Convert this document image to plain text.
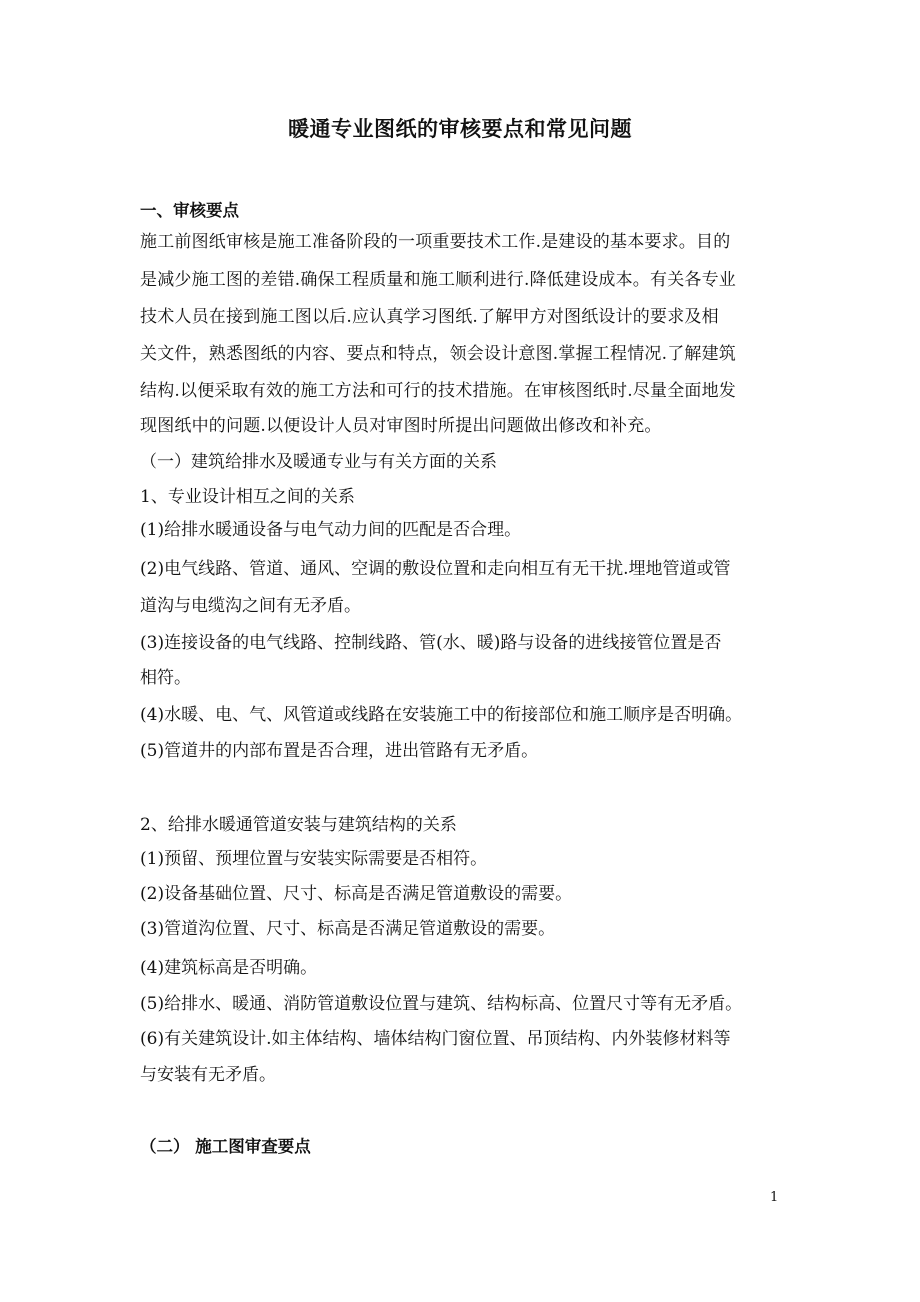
暖通专业图纸的审核要点和常见问题
一、审核要点
施工前图纸审核是施工准备阶段的一项重要技术工作.是建设的基本要求。目的
是减少施工图的差错.确保工程质量和施工顺利进行.降低建设成本。有关各专业
技术人员在接到施工图以后.应认真学习图纸.了解甲方对图纸设计的要求及相
关文件，熟悉图纸的内容、要点和特点，领会设计意图.掌握工程情况.了解建筑
结构.以便采取有效的施工方法和可行的技术措施。在审核图纸时.尽量全面地发
现图纸中的问题.以便设计人员对审图时所提出问题做出修改和补充。
（一）建筑给排水及暖通专业与有关方面的关系
1、专业设计相互之间的关系
(1)给排水暖通设备与电气动力间的匹配是否合理。
(2)电气线路、管道、通风、空调的敷设位置和走向相互有无干扰.埋地管道或管
道沟与电缆沟之间有无矛盾。
(3)连接设备的电气线路、控制线路、管(水、暖)路与设备的进线接管位置是否
相符。
(4)水暖、电、气、风管道或线路在安装施工中的衔接部位和施工顺序是否明确。
(5)管道井的内部布置是否合理，进出管路有无矛盾。
2、给排水暖通管道安装与建筑结构的关系
(1)预留、预埋位置与安装实际需要是否相符。
(2)设备基础位置、尺寸、标高是否满足管道敷设的需要。
(3)管道沟位置、尺寸、标高是否满足管道敷设的需要。
(4)建筑标高是否明确。
(5)给排水、暖通、消防管道敷设位置与建筑、结构标高、位置尺寸等有无矛盾。
(6)有关建筑设计.如主体结构、墙体结构门窗位置、吊顶结构、内外装修材料等
与安装有无矛盾。
（二） 施工图审查要点
1
